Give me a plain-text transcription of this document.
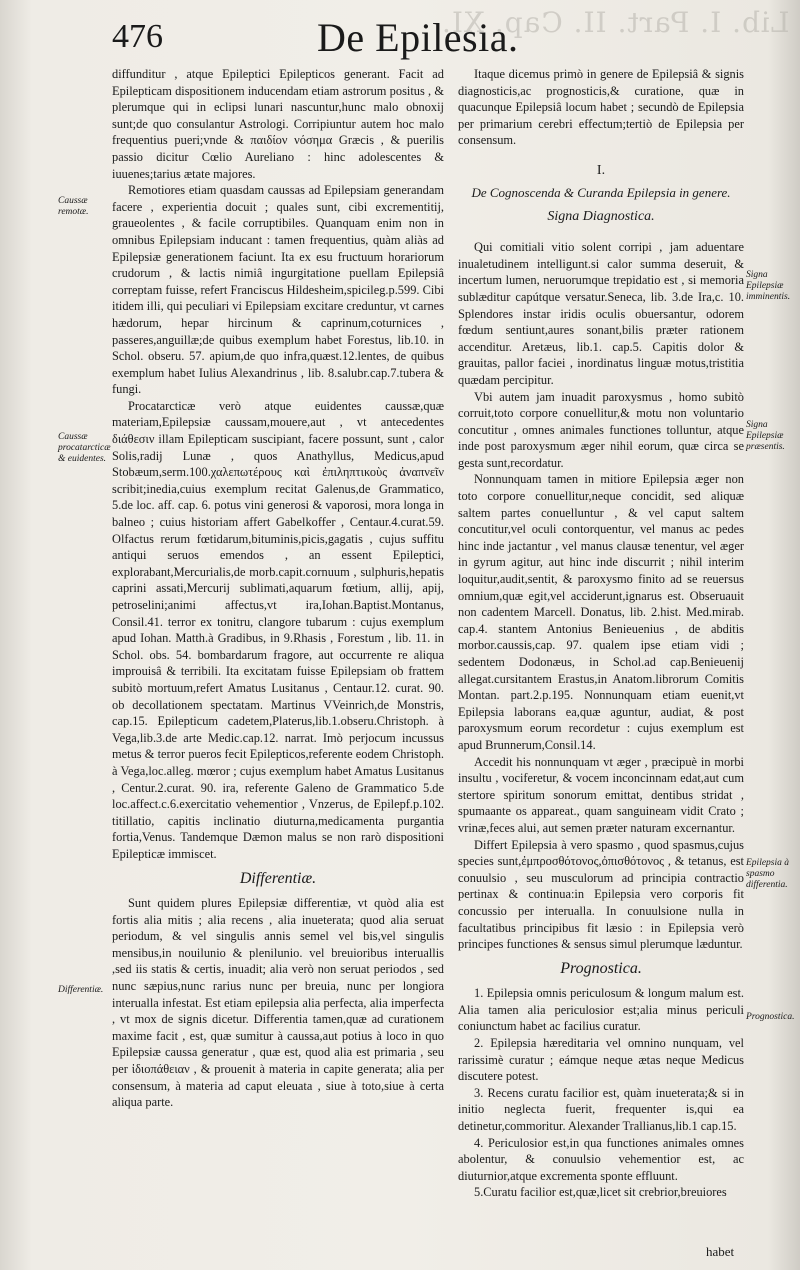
Lib. I. Part. II. Cap. XI.
476	De Epilesia.

diffunditur , atque Epileptici Epilepticos generant. Facit ad Epilepticam dispositionem inducendam etiam astrorum positus , & plerumque qui in eclipsi lunari nascuntur,hunc malo obnoxij sunt;de quo consulantur Astrologi. Corripiuntur autem hoc malo frequentius pueri;vnde & παιδίον νόσημα Græcis , & puerilis passio dicitur Cœlio Aureliano : hinc adolescentes & iuuenes;tarius ætate majores.

Remotiores etiam quasdam caussas ad Epilepsiam generandam facere , experientia docuit ; quales sunt, cibi excrementitij, graueolentes , & facile corruptibiles. Quanquam enim non in omnibus Epilepsiam inducant : tamen frequentius, quàm aliàs ad Epilepsiæ generationem faciunt. Ita ex esu fructuum horariorum crudorum , & lactis nimiâ ingurgitatione puellam Epilepsiâ correptam fuisse, refert Franciscus Hildesheim,spicileg.p.599. Cibi itidem illi, qui peculiari vi Epilepsiam excitare creduntur, vt carnes hædorum, hepar hircinum & caprinum,coturnices , passeres,anguillæ;de quibus exemplum habet Forestus, lib.10. in Schol. obseru. 57. apium,de quo infra,quæst.12.lentes, de quibus exemplum habet Iulius Alexandrinus , lib. 8.salubr.cap.7.tubera & fungi.

Procatarcticæ verò atque euidentes caussæ,quæ materiam,Epilepsiæ caussam,mouere,aut , vt antecedentes διάθεσιν illam Epilepticam suscipiant, facere possunt, sunt , calor Solis,radij Lunæ , quos Anathyllus, Medicus,apud Stobæum,serm.100.χαλεπωτέρους καὶ ἐπιληπτικοὺς ἀναπνεῖν scribit;inedia,cuius exemplum recitat Galenus,de Grammatico, 5.de loc. aff. cap. 6. potus vini generosi & vaporosi, mora longa in balneo ; cuius historiam affert Gabelkoffer , Centaur.4.curat.59. Olfactus rerum fœtidarum,bituminis,picis,gagatis , cujus suffitu antiqui seruos emendos , an essent Epileptici, explorabant,Mercurialis,de morb.capit.cornuum , sulphuris,hepatis caprini assati,Mercurij sublimati,aquarum fœtium, allij, apij, petroselini;animi affectus,vt ira,Iohan.Baptist.Montanus, Consil.41. terror ex tonitru, clangore tubarum : cujus exemplum apud Iohan. Matth.à Gradibus, in 9.Rhasis , Forestum , lib. 11. in Schol. obs. 54. bombardarum fragore, aut occurrente re aliqua improuisâ & terribili. Ita excitatam fuisse Epilepsiam ob frattem subitò mortuum,refert Amatus Lusitanus , Centaur.12. curat. 90. ob decollationem spectatam. Martinus VVeinrich,de Monstris, cap.15. Epilepticum cadetem,Platerus,lib.1.obseru.Christoph. à Vega,lib.3.de arte Medic.cap.12. narrat. Imò perjocum incussus metus & terror pueros fecit Epilepticos,referente eodem Christoph. à Vega,loc.alleg. mœror ; cujus exemplum habet Amatus Lusitanus , Centur.2.curat. 90. ira, referente Galeno de Grammatico 5.de loc.affect.c.6.exercitatio vehementior , Vnzerus, de Epilepf.p.102. titillatio, capitis inclinatio diuturna,medicamenta purgantia fortia,Venus. Tandemque Dæmon malus se non rarò dispositioni Epilepticæ immiscet.

Differentiæ.

Sunt quidem plures Epilepsiæ differentiæ, vt quòd alia est fortis alia mitis ; alia recens , alia inueterata; quod alia seruat periodum, & vel singulis annis semel vel bis,vel singulis mensibus,in nouilunio & plenilunio. vel breuioribus interuallis ,sed iis statis & certis, inuadit; alia verò non seruat periodos , sed nunc sæpius,nunc rarius nunc per breuia, nunc per longiora interualla infestat. Est etiam epilepsia alia perfecta, alia imperfecta , vt mox de signis dicetur. Differentia tamen,quæ ad curationem maxime facit , est, quæ sumitur à caussa,aut potius à loco in quo Epilepsiæ caussa generatur , quæ est, quod alia est primaria , seu per ἰδιοπάθειαν , & prouenit à materia in capite generata; alia per consensum, à materia ad caput eleuata , siue à toto,siue à certa aliqua parte.

Itaque dicemus primò in genere de Epilepsiâ & signis diagnosticis,ac prognosticis,& curatione, quæ in quacunque Epilepsiâ locum habet ; secundò de Epilepsia per primarium cerebri effectum;tertiò de Epilepsia per consensum.

I.
De Cognoscenda & Curanda Epilepsia in genere.
Signa Diagnostica.

Qui comitiali vitio solent corripi , jam aduentare inualetudinem intelligunt.si calor summa deseruit, & incertum lumen, neruorumque trepidatio est , si memoria sublæditur capútque versatur.Seneca, lib. 3.de Ira,c. 10. Splendores instar iridis oculis obuersantur, odorem fœdum sentiunt,aures sonant,bilis præter rationem accenditur. Aretæus, lib.1. cap.5. Capitis dolor & grauitas, pallor faciei , inordinatus linguæ motus,tristitia quædam percipitur.

Vbi autem jam inuadit paroxysmus , homo subitò corruit,toto corpore conuellitur,& motu non voluntario concutitur , omnes animales functiones tolluntur, atque inde post paroxysmum æger nihil eorum, quæ circa se gesta sunt,recordatur.

Nonnunquam tamen in mitiore Epilepsia æger non toto corpore conuellitur,neque concidit, sed aliquæ saltem partes conuelluntur , & vel caput saltem concutitur,vel oculi contorquentur, vel manus ac pedes hinc inde jactantur , vel manus clausæ tenentur, vel æger in gyrum agitur, aut hinc inde discurrit ; nihil interim loquitur,audit,sentit, & paroxysmo finito ad se reuersus omnium,quæ egit,vel acciderunt,ignarus est. Obseruauit non cadentem Marcell. Donatus, lib. 2.hist. Med.mirab. cap.4. stantem Antonius Benieuenius , de abditis morbor.caussis,cap. 97. qualem ipse etiam vidi ; sedentem Dodonæus, in Schol.ad cap.Benieuenij allegat.cursitantem Erastus,in Anatom.librorum Comitis Montan. part.2.p.195. Nonnunquam etiam euenit,vt Epilepsia laborans ea,quæ aguntur, audiat, & post paroxysmum eorum recordetur : cujus exemplum est apud Brunnerum,Consil.14.

Accedit his nonnunquam vt æger , præcipuè in morbi insultu , vociferetur, & vocem inconcinnam edat,aut cum stertore spiritum sonorum emittat, dentibus stridat , spumaante os appareat., quam sanguineam vidit Crato ; vrinæ,feces alui, aut semen præter naturam excernantur.

Differt Epilepsia à vero spasmo , quod spasmus,cujus species sunt,ἐμπροσθότονος,ὀπισθότονος , & tetanus, est conuulsio , seu musculorum ad principia contractio pertinax & continua:in Epilepsia vero corporis fit concussio per interualla. In conuulsione nulla in facultatibus principibus fit læsio : in Epilepsia verò principes functiones & sensus simul plerumque læduntur.

Prognostica.

1. Epilepsia omnis periculosum & longum malum est. Alia tamen alia periculosior est;alia minus periculi coniunctum habet ac facilius curatur.

2. Epilepsia hæreditaria vel omnino nunquam, vel rarissimè curatur ; eámque neque ætas neque Medicus discutere potest.

3. Recens curatu facilior est, quàm inueterata;& si in initio neglecta fuerit, frequenter is,qui ea detinetur,commoritur. Alexander Trallianus,lib.1 cap.15.

4. Periculosior est,in qua functiones animales omnes abolentur, & conuulsio vehementior est, ac diuturnior,atque excrementa sponte effluunt.

5.Curatu facilior est,quæ,licet sit crebrior,breuiores

habet
Caussæ remotæ.
Caussæ procatarcticæ & euidentes.
Differentiæ.
Signa Epilepsiæ imminentis.
Signa Epilepsiæ præsentis.
Epilepsia à spasmo differentia.
Prognostica.
